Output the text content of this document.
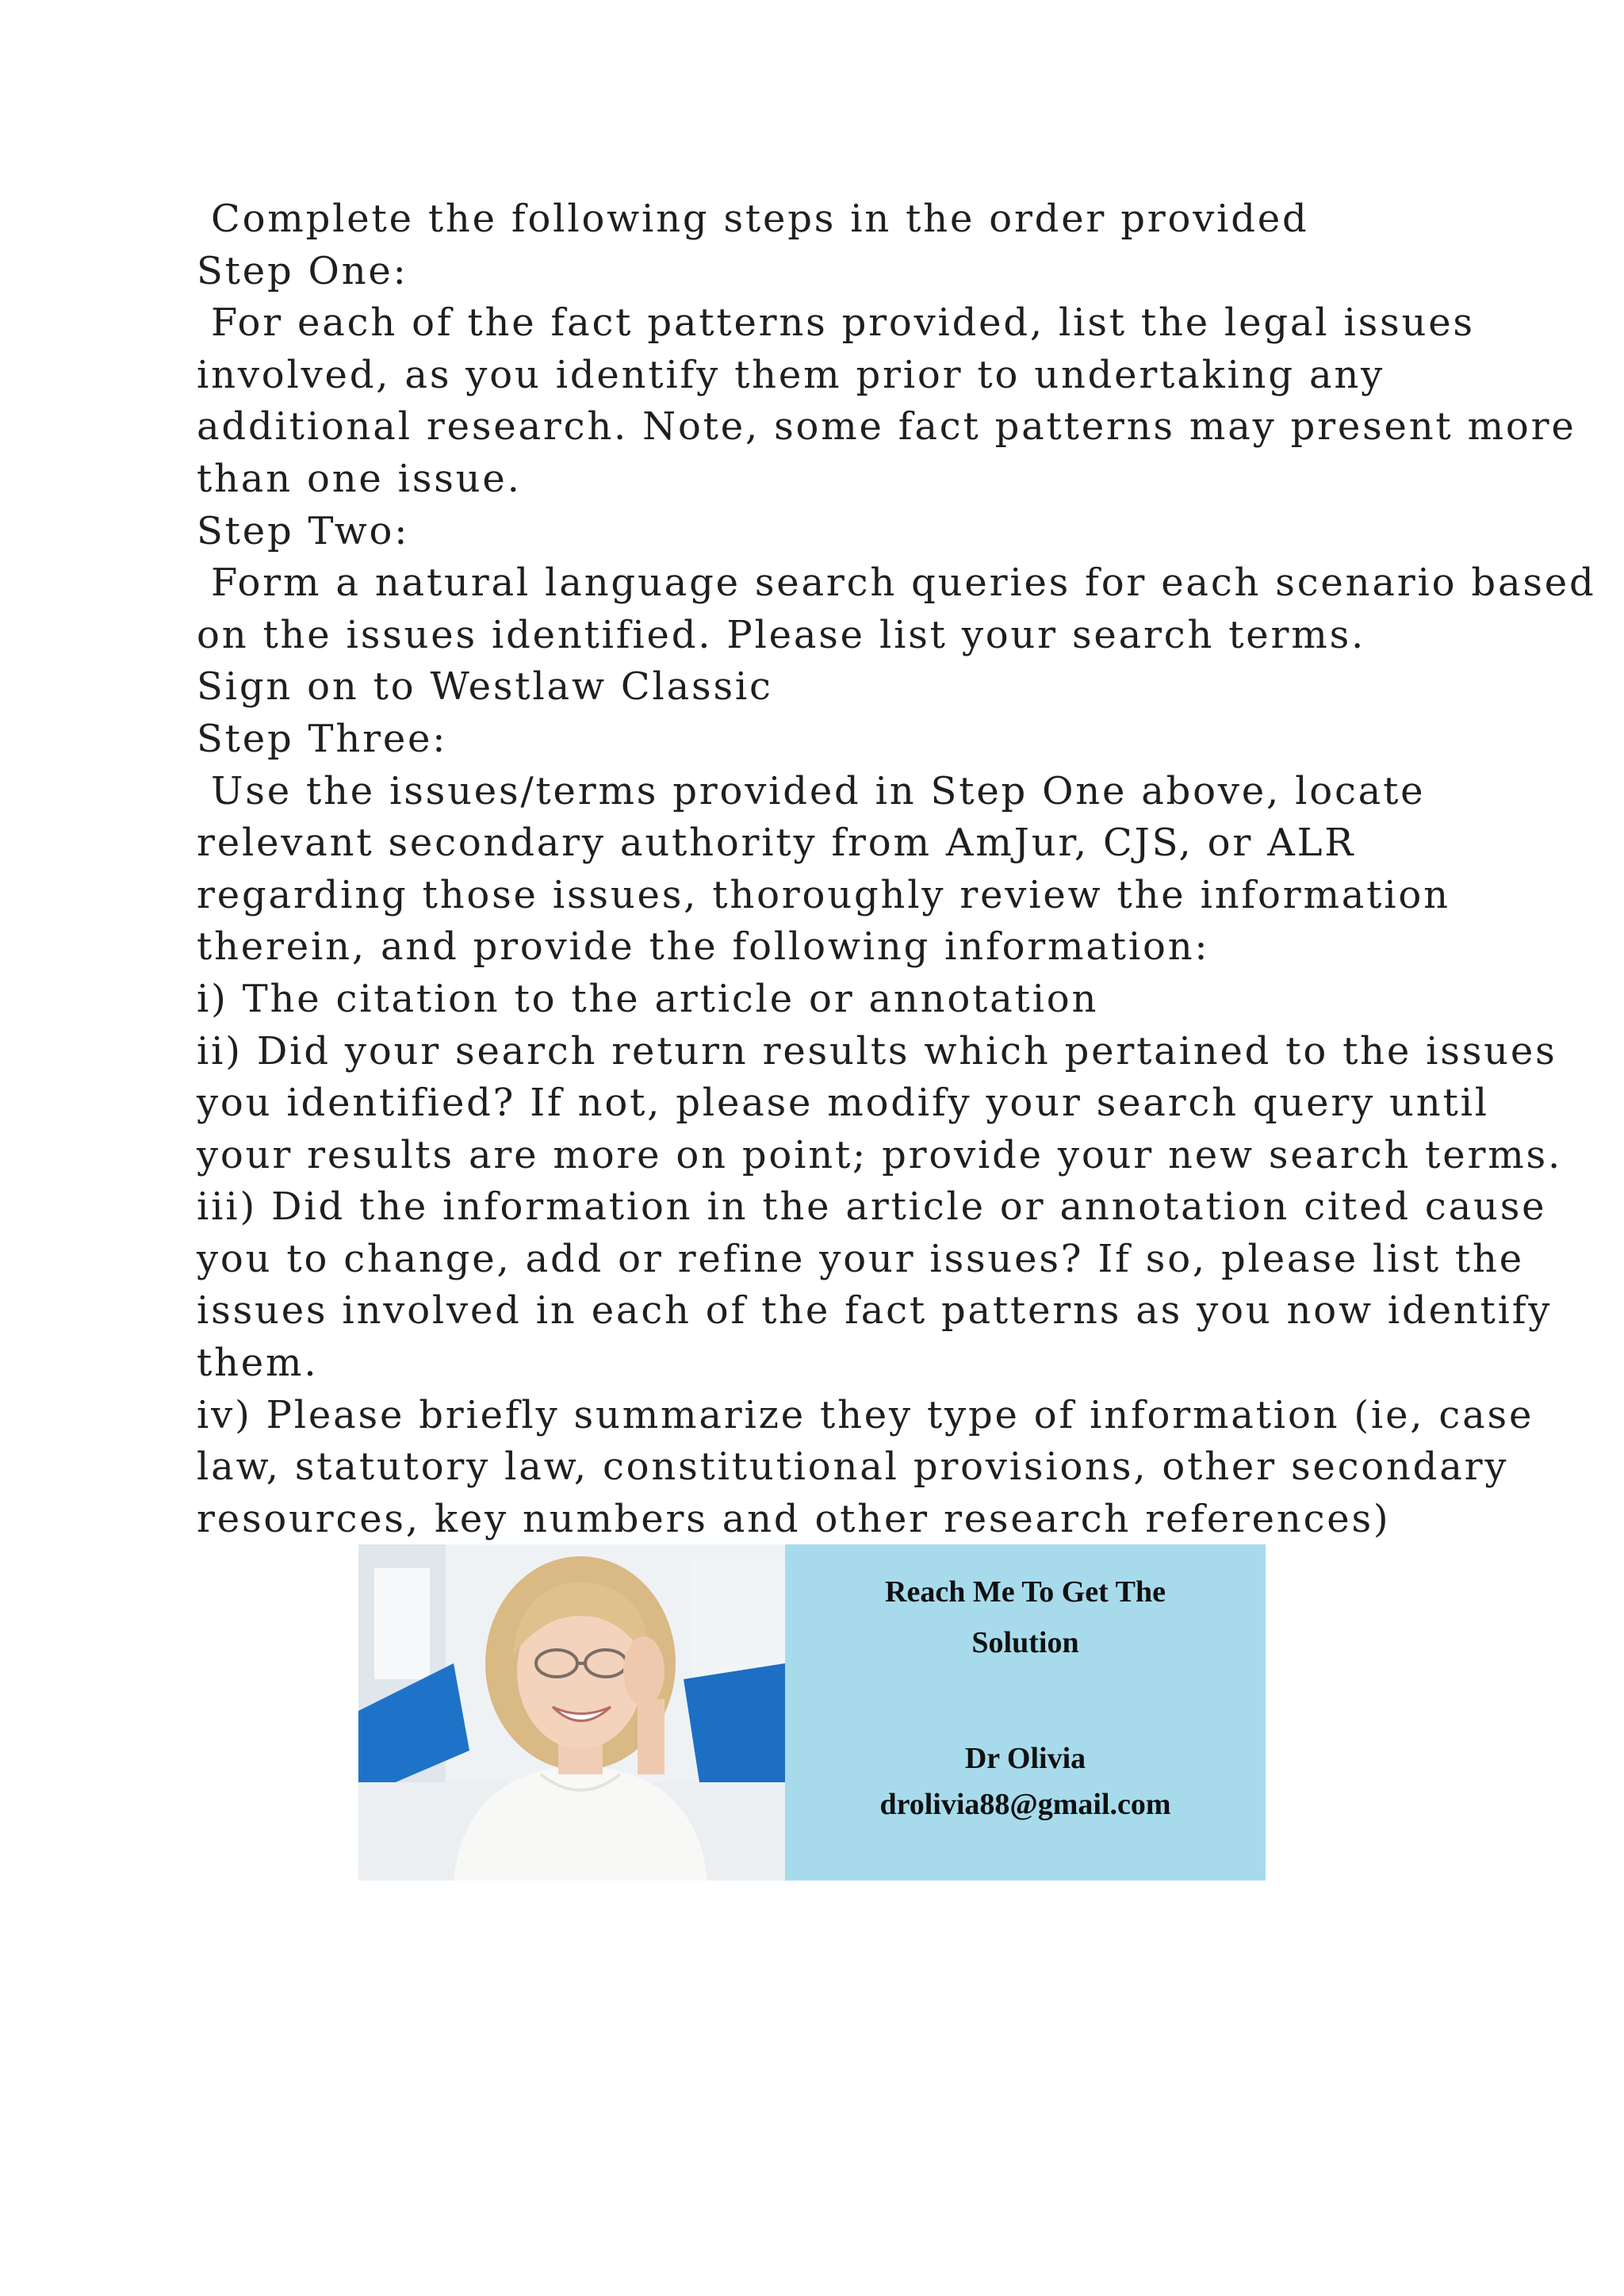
Complete the following steps in the order provided
Step One:
For each of the fact patterns provided, list the legal issues
involved, as you identify them prior to undertaking any
additional research. Note, some fact patterns may present more
than one issue.
Step Two:
Form a natural language search queries for each scenario based
on the issues identified. Please list your search terms.
Sign on to Westlaw Classic
Step Three:
Use the issues/terms provided in Step One above, locate
relevant secondary authority from AmJur, CJS, or ALR
regarding those issues, thoroughly review the information
therein, and provide the following information:
i) The citation to the article or annotation
ii) Did your search return results which pertained to the issues
you identified? If not, please modify your search query until
your results are more on point; provide your new search terms.
iii) Did the information in the article or annotation cited cause
you to change, add or refine your issues? If so, please list the
issues involved in each of the fact patterns as you now identify
them.
iv) Please briefly summarize they type of information (ie, case
law, statutory law, constitutional provisions, other secondary
resources, key numbers and other research references)
Reach Me To Get The
Solution
Dr Olivia
drolivia88@gmail.com
